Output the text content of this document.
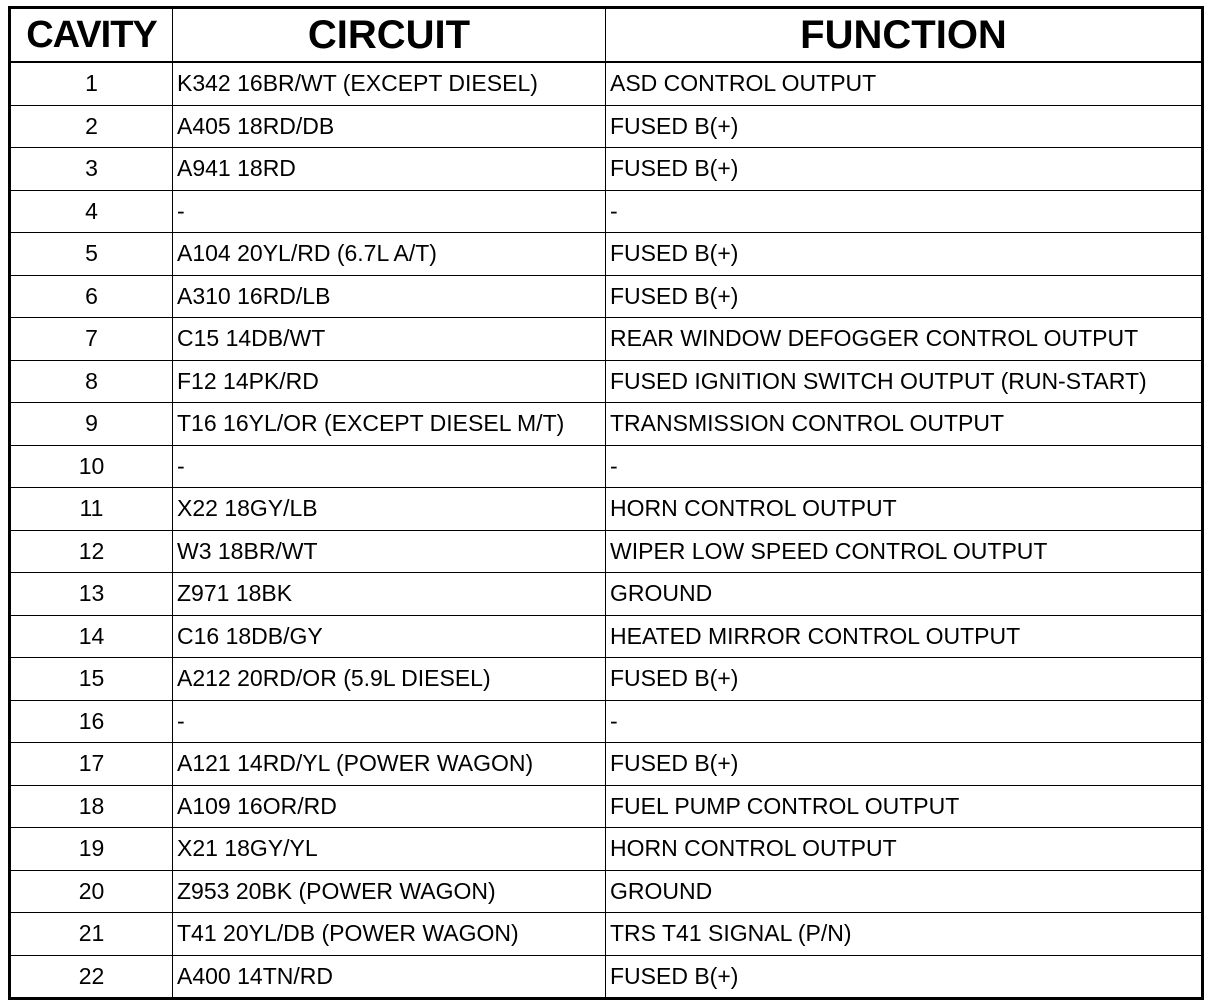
CAVITY	CIRCUIT	FUNCTION
1	K342 16BR/WT (EXCEPT DIESEL)	ASD CONTROL OUTPUT
2	A405 18RD/DB	FUSED B(+)
3	A941 18RD	FUSED B(+)
4	-	-
5	A104 20YL/RD (6.7L A/T)	FUSED B(+)
6	A310 16RD/LB	FUSED B(+)
7	C15 14DB/WT	REAR WINDOW DEFOGGER CONTROL OUTPUT
8	F12 14PK/RD	FUSED IGNITION SWITCH OUTPUT (RUN-START)
9	T16 16YL/OR (EXCEPT DIESEL M/T)	TRANSMISSION CONTROL OUTPUT
10	-	-
11	X22 18GY/LB	HORN CONTROL OUTPUT
12	W3 18BR/WT	WIPER LOW SPEED CONTROL OUTPUT
13	Z971 18BK	GROUND
14	C16 18DB/GY	HEATED MIRROR CONTROL OUTPUT
15	A212 20RD/OR (5.9L DIESEL)	FUSED B(+)
16	-	-
17	A121 14RD/YL (POWER WAGON)	FUSED B(+)
18	A109 16OR/RD	FUEL PUMP CONTROL OUTPUT
19	X21 18GY/YL	HORN CONTROL OUTPUT
20	Z953 20BK (POWER WAGON)	GROUND
21	T41 20YL/DB (POWER WAGON)	TRS T41 SIGNAL (P/N)
22	A400 14TN/RD	FUSED B(+)
